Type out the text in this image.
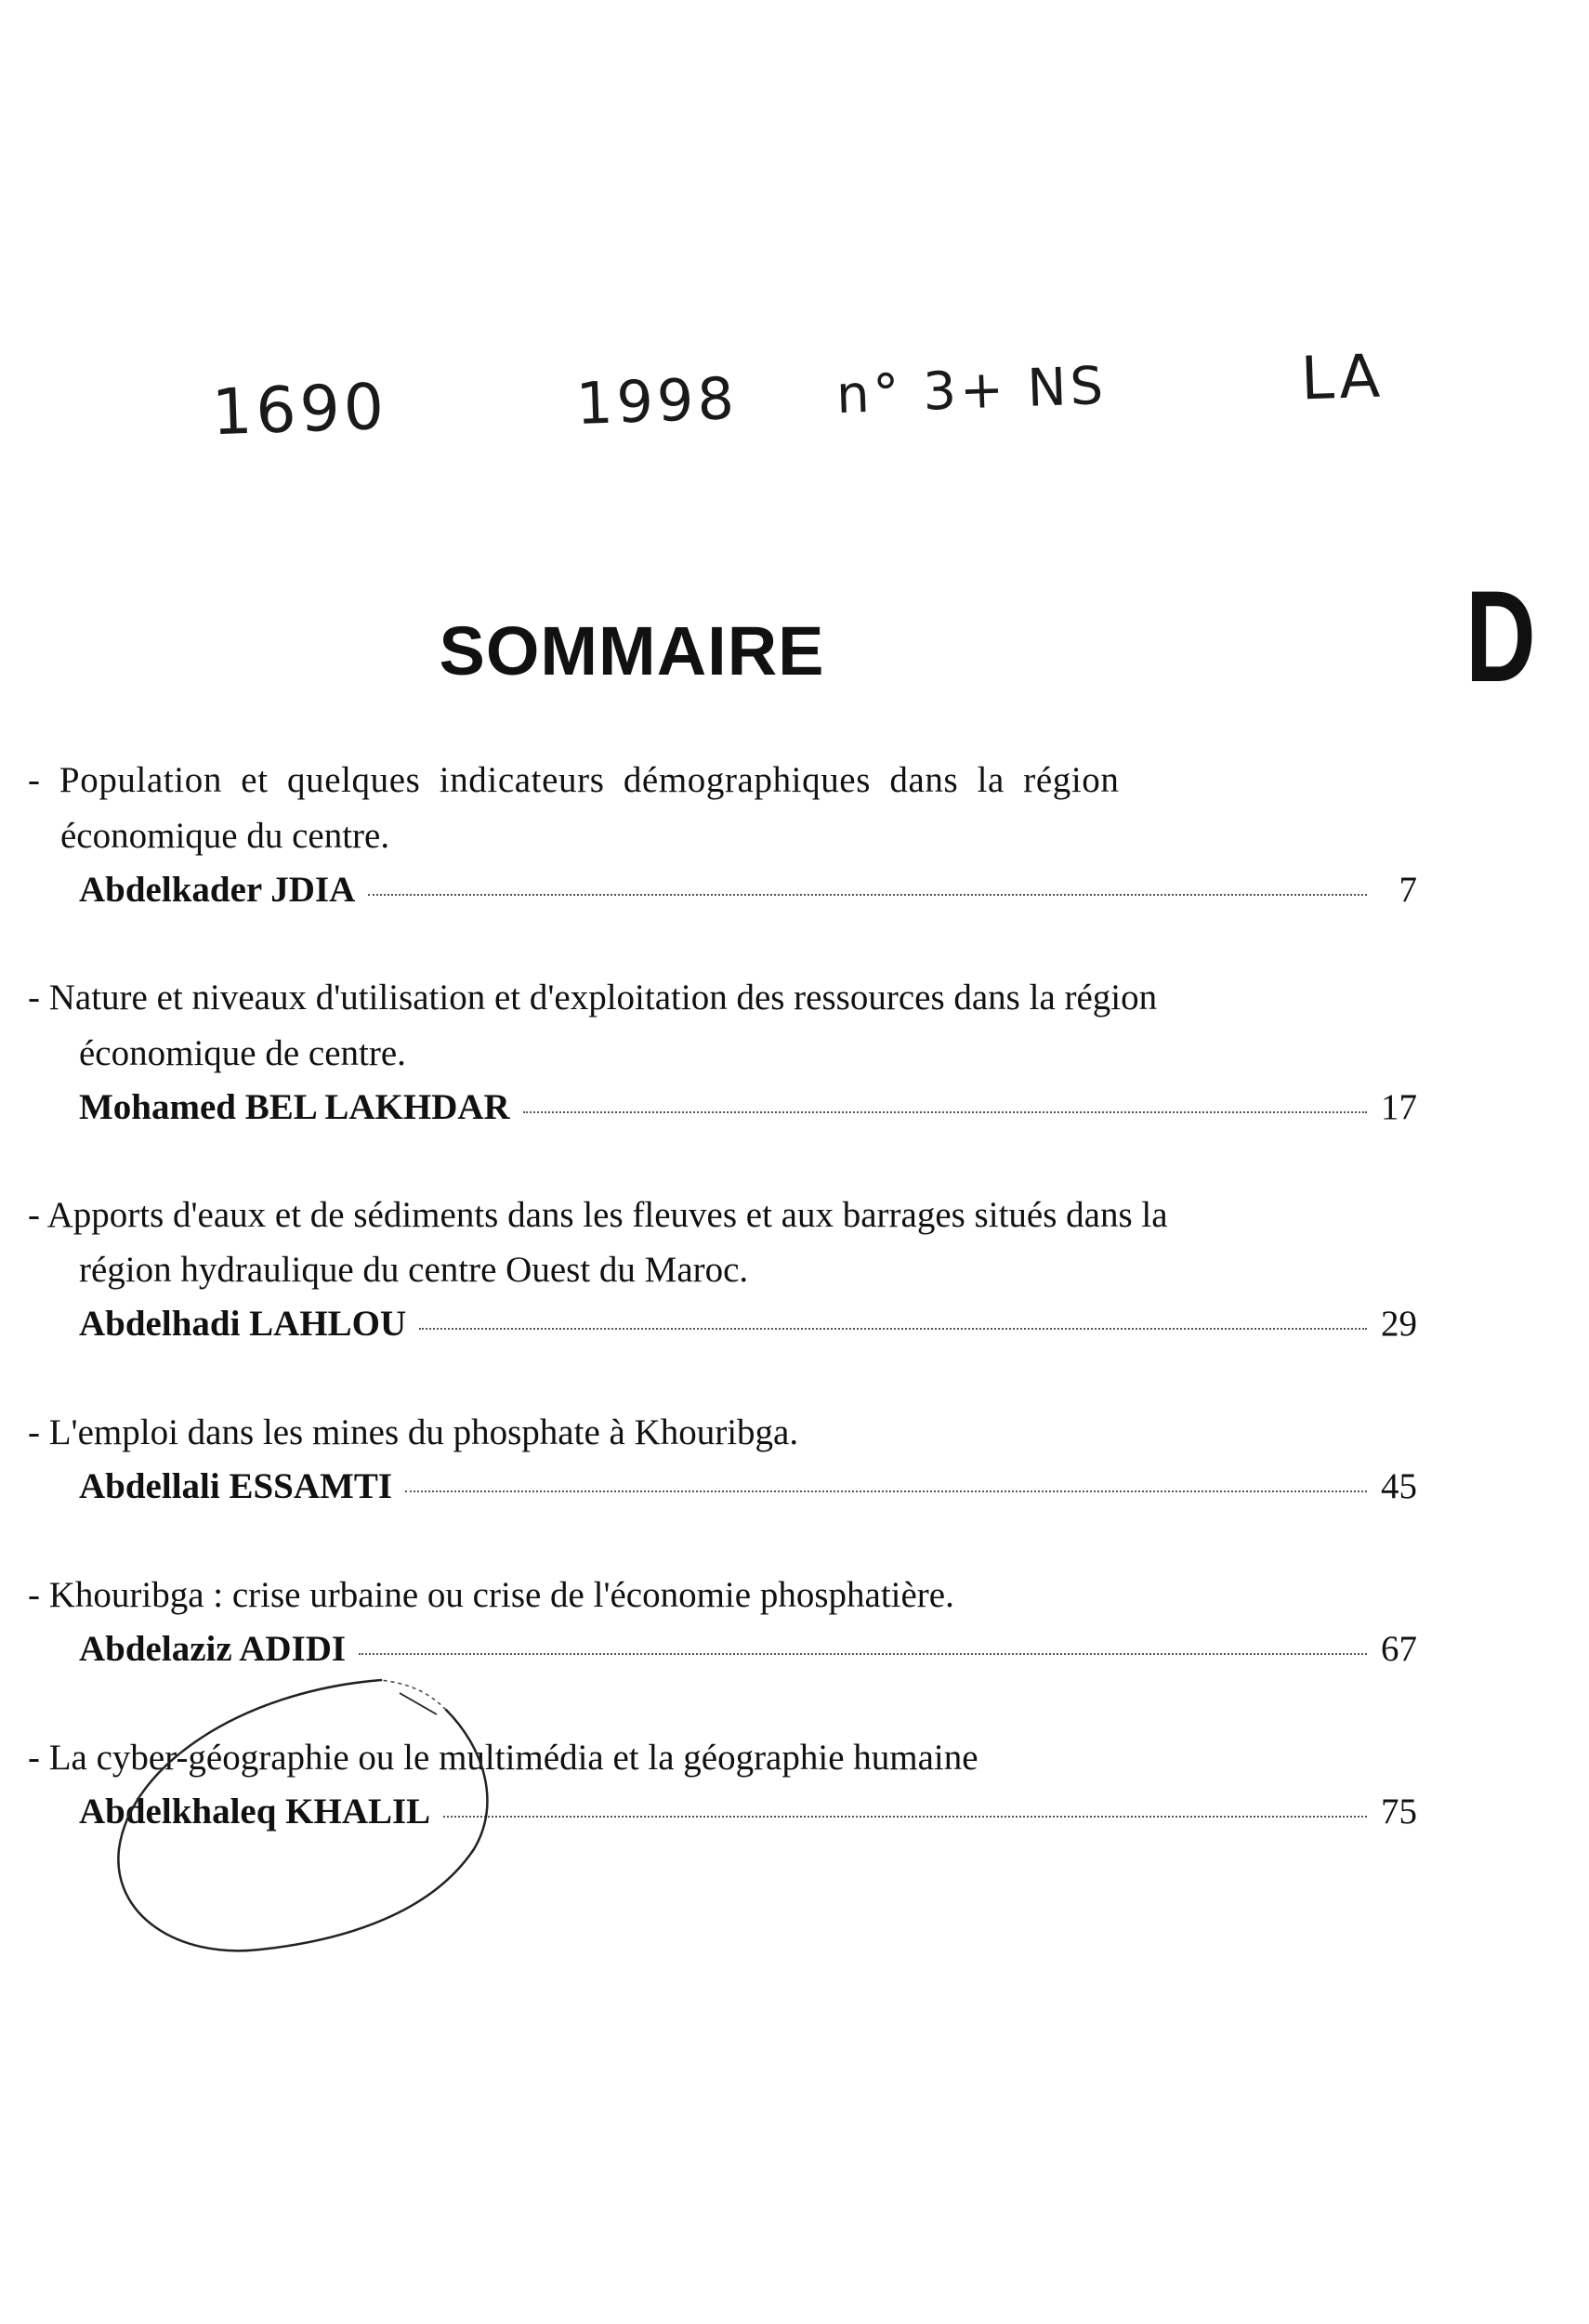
1690	1998 n° 3+ NS	LA
SOMMAIRE	D
- Population et quelques indicateurs démographiques dans la région
économique du centre.
Abdelkader JDIA	7
- Nature et niveaux d'utilisation et d'exploitation des ressources dans la région
économique de centre.
Mohamed BEL LAKHDAR	17
- Apports d'eaux et de sédiments dans les fleuves et aux barrages situés dans la
région hydraulique du centre Ouest du Maroc.
Abdelhadi LAHLOU	29
- L'emploi dans les mines du phosphate à Khouribga.
Abdellali ESSAMTI	45
- Khouribga : crise urbaine ou crise de l'économie phosphatière.
Abdelaziz ADIDI	67
- La cyber-géographie ou le multimédia et la géographie humaine
Abdelkhaleq KHALIL	75
